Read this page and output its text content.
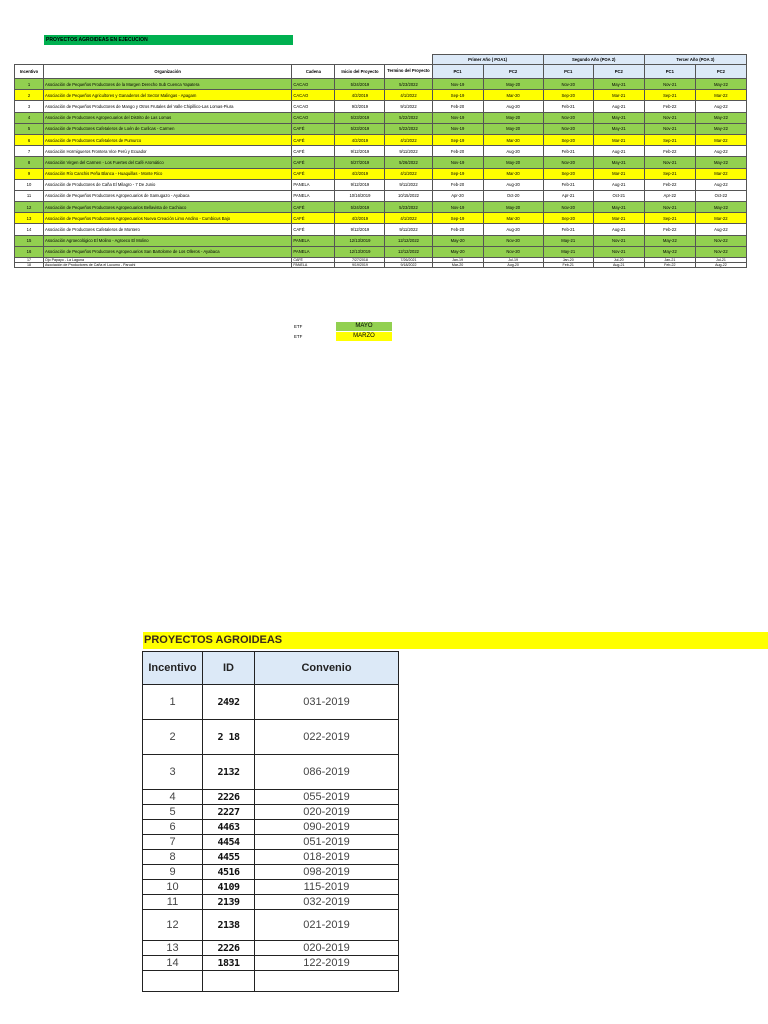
PROYECTOS AGROIDEAS EN EJECUCION
					Primer Año ( POA1)		Segundo Año (POA 2)		Tercer Año (POA 3)	
Incentivo	Organización	Cadena	Inicio del Proyecto	Termino del Proyecto	PC1	PC2	PC1	PC2	PC1	PC2
1	Asociación de Pequeños Productores de la Margen Derecho Sub Cuenca Yapatera	CACAO	5/24/2019	5/23/2022	Nov-19	May-20	Nov-20	May-21	Nov-21	May-22
2	Asociación de Pequeños Agricultores y Ganaderos del Sector Malingas - Apagam	CACAO	4/2/2019	4/1/2022	Sep-19	Mar-20	Sep-20	Mar-21	Sep-21	Mar-22
3	Asociación de Pequeños Productores de Mango y Otros Frutales del Valle Chipillico-Las Lomas-Piura	CACAO	9/2/2019	9/1/2022	Feb-20	Aug-20	Feb-21	Aug-21	Feb-22	Aug-22
4	Asociación de Productores Agropecuarios del Distrito de Las Lomas	CACAO	5/23/2019	5/22/2022	Nov-19	May-20	Nov-20	May-21	Nov-21	May-22
5	Asociación de Productores Cafetaleros de Loén de Curilcas - Carmen	CAFÉ	5/23/2019	5/22/2022	Nov-19	May-20	Nov-20	May-21	Nov-21	May-22
6	Asociación de Productores Cafetaleros de Pumurco	CAFÉ	4/2/2019	4/1/2022	Sep-19	Mar-20	Sep-20	Mar-21	Sep-21	Mar-22
7	Asociación Hormigueros Frontera Vice Perú y Ecuador	CAFÉ	9/12/2019	9/11/2022	Feb-20	Aug-20	Feb-21	Aug-21	Feb-22	Aug-22
8	Asociación Virgen del Carmen - Los Fuertes del Café Aromático	CAFÉ	5/27/2019	5/26/2022	Nov-19	May-20	Nov-20	May-21	Nov-21	May-22
9	Asociación Río Canchis Peña Blanca - Huaquillas - Monte Rico	CAFÉ	4/2/2019	4/1/2022	Sep-19	Mar-20	Sep-20	Mar-21	Sep-21	Mar-22
10	Asociación de Productores de Caña El Milagro - 7 De Junio	PANELA	9/12/2019	9/11/2022	Feb-20	Aug-20	Feb-21	Aug-21	Feb-22	Aug-22
11	Asociación de Pequeños Productores Agropecuarios de Samugazo - Ayabaca	PANELA	10/16/2019	10/15/2022	Apr-20	Oct-20	Apr-21	Oct-21	Apr-22	Oct-22
12	Asociación de Pequeños Productores Agropecuarios Bellavista de Cachiaco	CAFÉ	5/24/2019	5/23/2022	Nov-19	May-20	Nov-20	May-21	Nov-21	May-22
13	Asociación de Pequeños Productores Agropecuarios Nueva Creación Limo Andino - Cumbicus Bajo	CAFÉ	4/2/2019	4/1/2022	Sep-19	Mar-20	Sep-20	Mar-21	Sep-21	Mar-22
14	Asociación de Productores Cafetaleros de Montero	CAFÉ	9/12/2019	9/11/2022	Feb-20	Aug-20	Feb-21	Aug-21	Feb-22	Aug-22
15	Asociación Agroecológico El Molino - Agroeco El Molino	PANELA	12/13/2019	12/12/2022	May-20	Nov-20	May-21	Nov-21	May-22	Nov-22
16	Asociación de Pequeños Productores Agropecuarios San Bartolome de Los Olleros - Ayabaca	PANELA	12/13/2019	12/12/2022	May-20	Nov-20	May-21	Nov-21	May-22	Nov-22
17	Ojo Papayo - La Laguna	CAFÉ	7/27/2018	7/26/2021	Jan-19	Jul-19	Jan-20	Jul-20	Jan-21	Jul-21
18	Asociación de Productores de Caña el Lucumo - Paruchi	PANELA	9/19/2019	9/18/2022	Mar-20	Aug-20	Feb-21	Aug-21	Feb-22	Aug-22
ETF	MAYO
ETF	MARZO
PROYECTOS AGROIDEAS
Incentivo	ID	Convenio
1	2492	031-2019
2	2 18	022-2019
3	2132	086-2019
4	2226	055-2019
5	2227	020-2019
6	4463	090-2019
7	4454	051-2019
8	4455	018-2019
9	4516	098-2019
10	4109	115-2019
11	2139	032-2019
12	2138	021-2019
13	2226	020-2019
14	1831	122-2019
